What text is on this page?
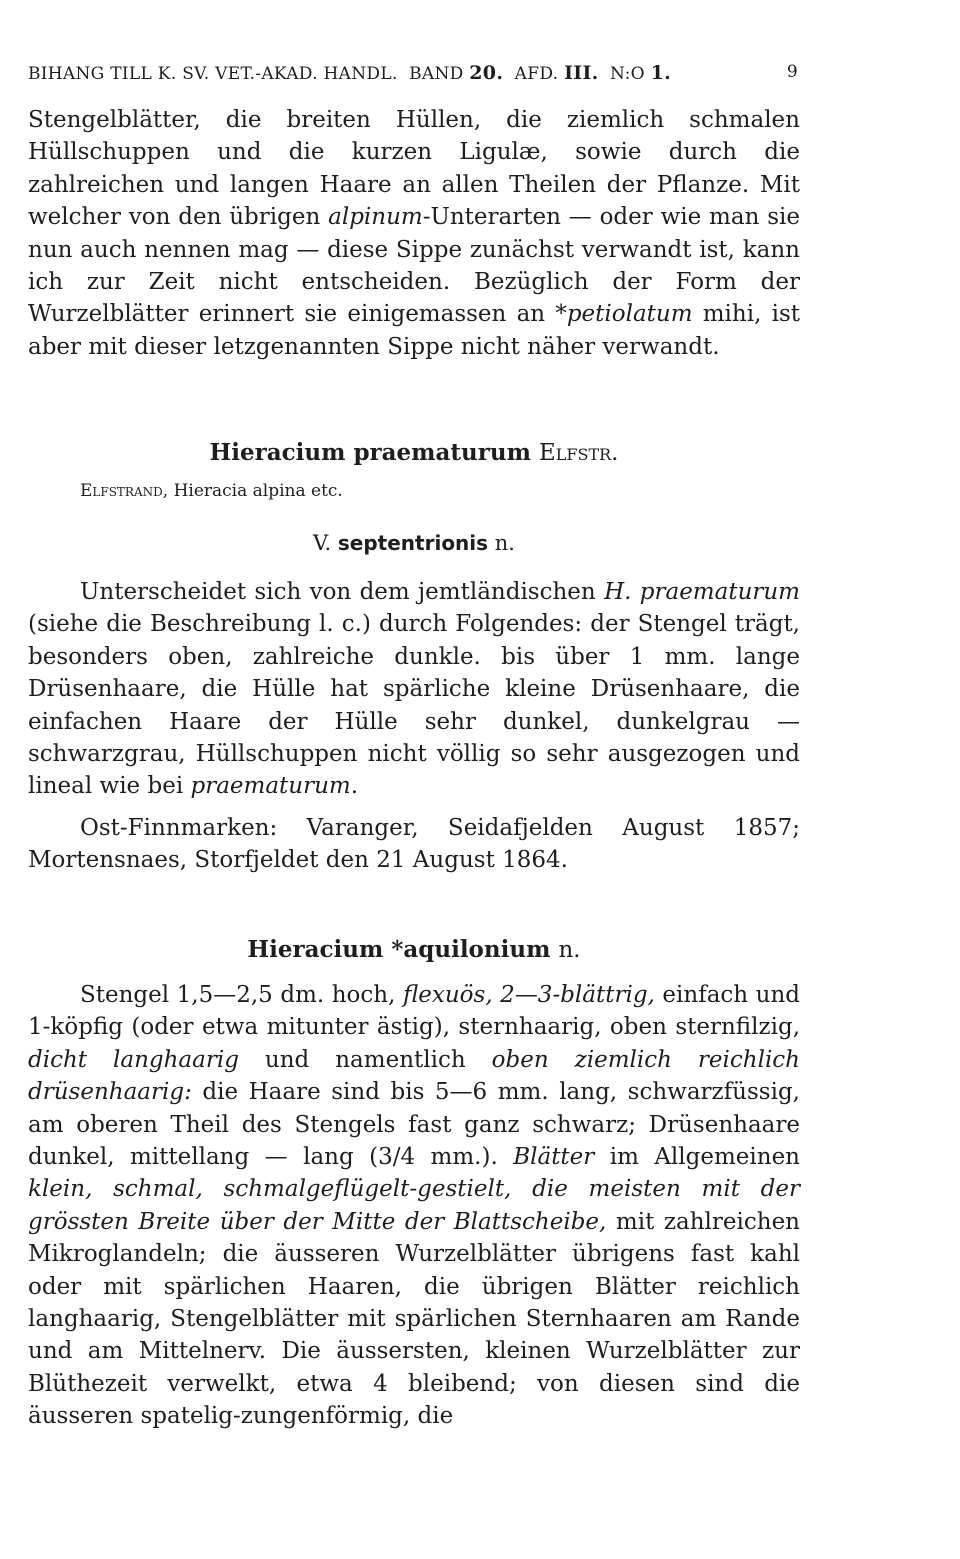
BIHANG TILL K. SV. VET.-AKAD. HANDL. BAND 20. AFD. III. N:O 1.	9

Stengelblätter, die breiten Hüllen, die ziemlich schmalen Hüllschuppen und die kurzen Ligulæ, sowie durch die zahlreichen und langen Haare an allen Theilen der Pflanze. Mit welcher von den übrigen alpinum-Unterarten — oder wie man sie nun auch nennen mag — diese Sippe zunächst verwandt ist, kann ich zur Zeit nicht entscheiden. Bezüglich der Form der Wurzelblätter erinnert sie einigemassen an *petiolatum mihi, ist aber mit dieser letzgenannten Sippe nicht näher verwandt.

Hieracium praematurum Elfstr.

Elfstrand, Hieracia alpina etc.

V. septentrionis n.

Unterscheidet sich von dem jemtländischen H. praematurum (siehe die Beschreibung l. c.) durch Folgendes: der Stengel trägt, besonders oben, zahlreiche dunkle. bis über 1 mm. lange Drüsenhaare, die Hülle hat spärliche kleine Drüsenhaare, die einfachen Haare der Hülle sehr dunkel, dunkelgrau — schwarzgrau, Hüllschuppen nicht völlig so sehr ausgezogen und lineal wie bei praematurum.

Ost-Finnmarken: Varanger, Seidafjelden August 1857; Mortensnaes, Storfjeldet den 21 August 1864.

Hieracium *aquilonium n.

Stengel 1,5—2,5 dm. hoch, flexuös, 2—3-blättrig, einfach und 1-köpfig (oder etwa mitunter ästig), sternhaarig, oben sternfilzig, dicht langhaarig und namentlich oben ziemlich reichlich drüsenhaarig: die Haare sind bis 5—6 mm. lang, schwarzfüssig, am oberen Theil des Stengels fast ganz schwarz; Drüsenhaare dunkel, mittellang — lang (3/4 mm.). Blätter im Allgemeinen klein, schmal, schmalgeflügelt-gestielt, die meisten mit der grössten Breite über der Mitte der Blattscheibe, mit zahlreichen Mikroglandeln; die äusseren Wurzelblätter übrigens fast kahl oder mit spärlichen Haaren, die übrigen Blätter reichlich langhaarig, Stengelblätter mit spärlichen Sternhaaren am Rande und am Mittelnerv. Die äussersten, kleinen Wurzelblätter zur Blüthezeit verwelkt, etwa 4 bleibend; von diesen sind die äusseren spatelig-zungenförmig, die
